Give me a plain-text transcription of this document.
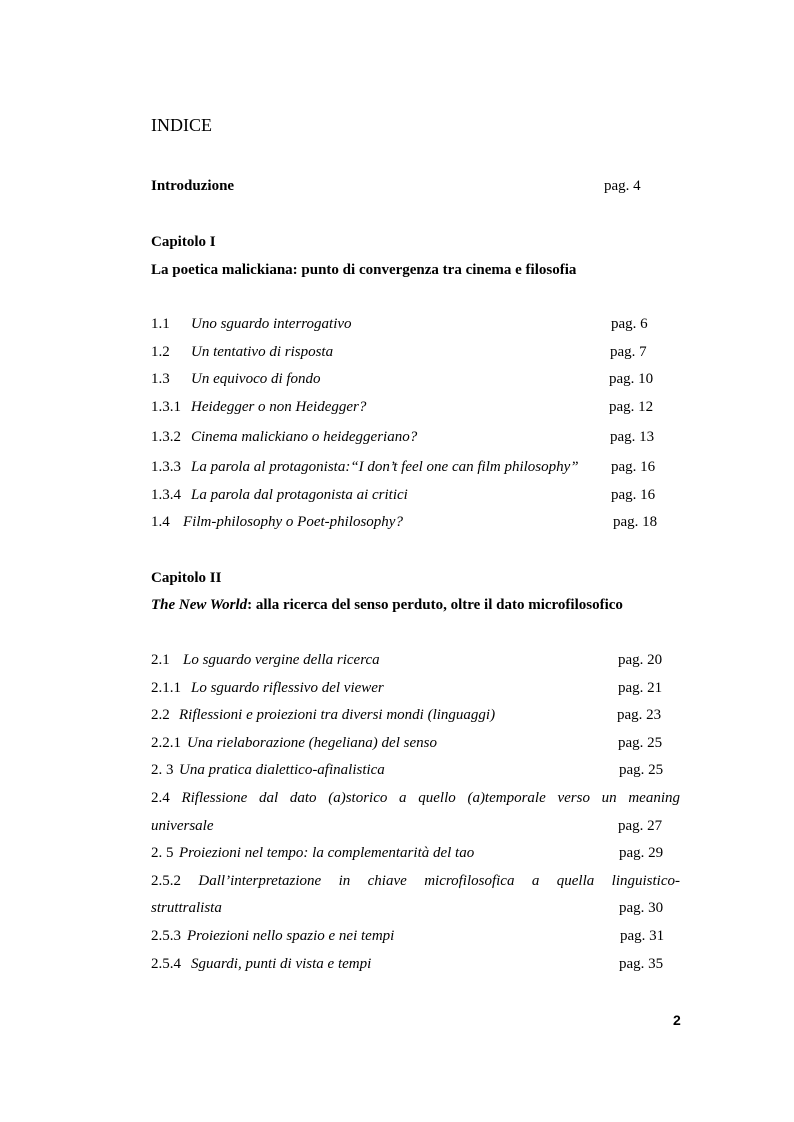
INDICE
Introduzione	pag. 4
Capitolo I
La poetica malickiana: punto di convergenza tra cinema e filosofia
1.1 Uno sguardo interrogativo	pag. 6
1.2 Un tentativo di risposta	pag. 7
1.3 Un equivoco di fondo	pag. 10
1.3.1 Heidegger o non Heidegger?	pag. 12
1.3.2 Cinema malickiano o heideggeriano?	pag. 13
1.3.3 La parola al protagonista:“I don’t feel one can film philosophy” pag. 16
1.3.4 La parola dal protagonista ai critici	pag. 16
1.4 Film-philosophy o Poet-philosophy?	pag. 18
Capitolo II
The New World: alla ricerca del senso perduto, oltre il dato microfilosofico
2.1 Lo sguardo vergine della ricerca	pag. 20
2.1.1 Lo sguardo riflessivo del viewer	pag. 21
2.2 Riflessioni e proiezioni tra diversi mondi (linguaggi)	pag. 23
2.2.1 Una rielaborazione (hegeliana) del senso	pag. 25
2. 3 Una pratica dialettico-afinalistica	pag. 25
2.4 Riflessione dal dato (a)storico a quello (a)temporale verso un meaning
universale	pag. 27
2. 5 Proiezioni nel tempo: la complementarità del tao	pag. 29
2.5.2 Dall’interpretazione in chiave microfilosofica a quella linguistico-
struttralista	pag. 30
2.5.3 Proiezioni nello spazio e nei tempi	pag. 31
2.5.4 Sguardi, punti di vista e tempi	pag. 35
2
